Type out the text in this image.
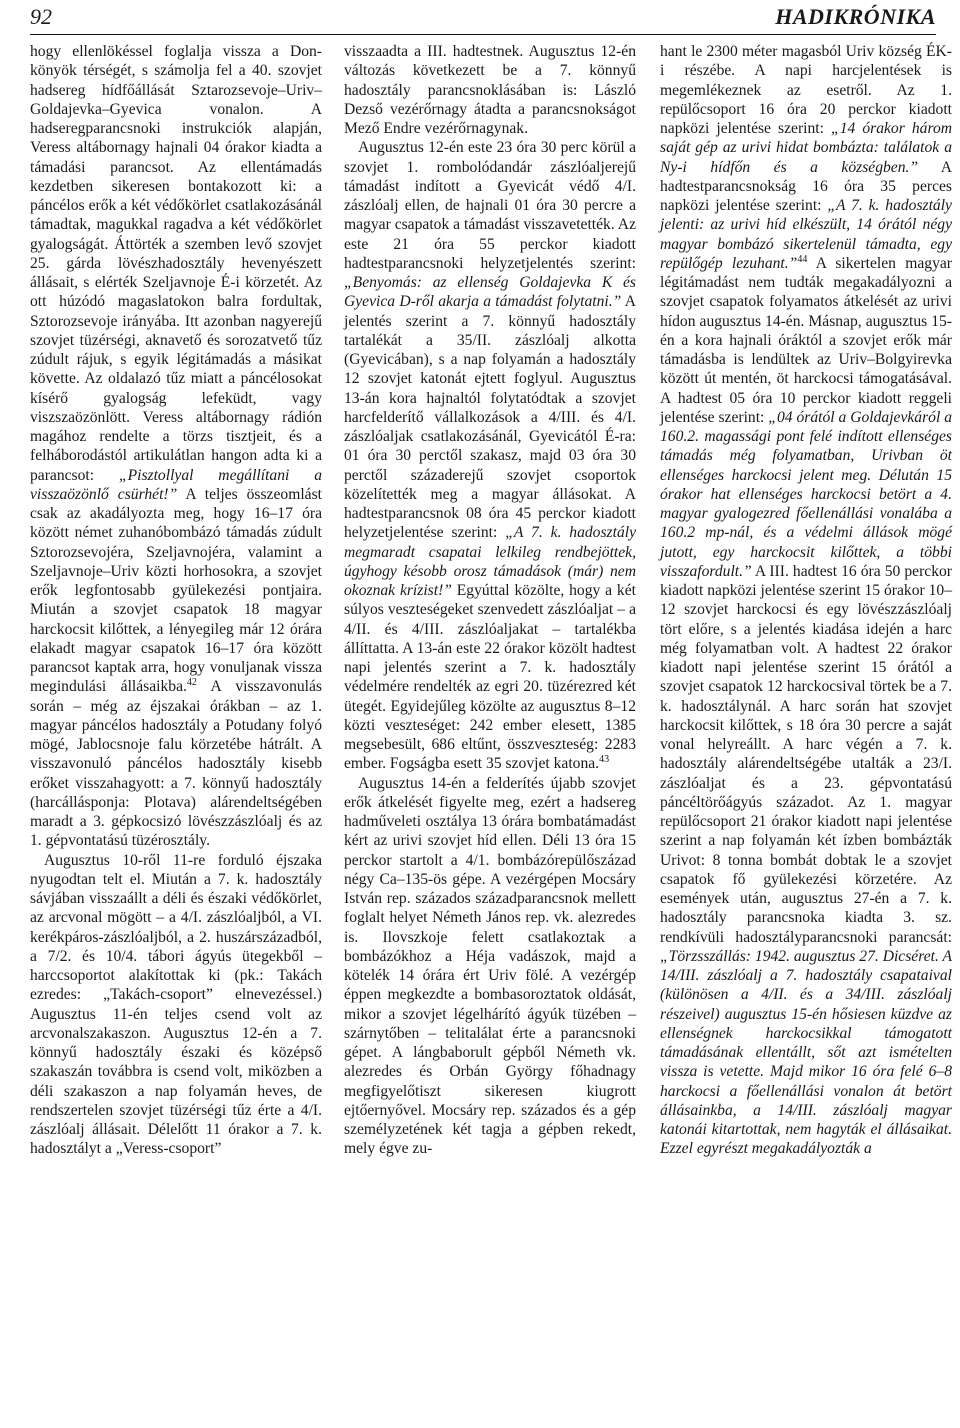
92	HADIKRÓNIKA

hogy ellenlökéssel foglalja vissza a Don-könyök térségét, s számolja fel a 40. szovjet hadsereg hídfőállását Sztarozsevoje–Uriv–Goldajevka–Gyevica vonalon. A hadseregparancsnoki instrukciók alapján, Veress altábornagy hajnali 04 órakor kiadta a támadási parancsot. Az ellentámadás kezdetben sikeresen bontakozott ki: a páncélos erők a két védőkörlet csatlakozásánál támadtak, magukkal ragadva a két védőkörlet gyalogságát. Áttörték a szemben levő szovjet 25. gárda lövészhadosztály hevenyészett állásait, s elérték Szeljavnoje É-i körzetét. Az ott húzódó magaslatokon balra fordultak, Sztorozsevoje irányába. Itt azonban nagyerejű szovjet tüzérségi, aknavető és sorozatvető tűz zúdult rájuk, s egyik légitámadás a másikat követte. Az oldalazó tűz miatt a páncélosokat kísérő gyalogság lefeküdt, vagy viszszaözönlött. Veress altábornagy rádión magához rendelte a törzs tisztjeit, és a felháborodástól artikulátlan hangon adta ki a parancsot: „Pisztollyal megállítani a visszaözönlő csürhét!” A teljes összeomlást csak az akadályozta meg, hogy 16–17 óra között német zuhanóbombázó támadás zúdult Sztorozsevojéra, Szeljavnojéra, valamint a Szeljavnoje–Uriv közti horhosokra, a szovjet erők legfontosabb gyülekezési pontjaira. Miután a szovjet csapatok 18 magyar harckocsit kilőttek, a lényegileg már 12 órára elakadt magyar csapatok 16–17 óra között parancsot kaptak arra, hogy vonuljanak vissza megindulási állásaikba.$^{42}$ A visszavonulás során – még az éjszakai órákban – az 1. magyar páncélos hadosztály a Potudany folyó mögé, Jablocsnoje falu körzetébe hátrált. A visszavonuló páncélos hadosztály kisebb erőket visszahagyott: a 7. könnyű hadosztály (harcállásponja: Plotava) alárendeltségében maradt a 3. gépkocsizó lövészzászlóalj és az 1. gépvontatású tüzérosztály.

Augusztus 10-ről 11-re forduló éjszaka nyugodtan telt el. Miután a 7. k. hadosztály sávjában visszaállt a déli és északi védőkörlet, az arcvonal mögött – a 4/I. zászlóaljból, a VI. kerékpáros-zászlóaljból, a 2. huszárszázadból, a 7/2. és 10/4. tábori ágyús ütegekből – harccsoportot alakítottak ki (pk.: Takách ezredes: „Takách-csoport” elnevezéssel.) Augusztus 11-én teljes csend volt az arcvonalszakaszon. Augusztus 12-én a 7. könnyű hadosztály északi és középső szakaszán továbbra is csend volt, miközben a déli szakaszon a nap folyamán heves, de rendszertelen szovjet tüzérségi tűz érte a 4/I. zászlóalj állásait. Délelőtt 11 órakor a 7. k. hadosztályt a „Veress-csoport”

visszaadta a III. hadtestnek. Augusztus 12-én változás következett be a 7. könnyű hadosztály parancsnoklásában is: László Dezső vezérőrnagy átadta a parancsnokságot Mező Endre vezérőrnagynak.

Augusztus 12-én este 23 óra 30 perc körül a szovjet 1. rombolódandár zászlóaljerejű támadást indított a Gyevicát védő 4/I. zászlóalj ellen, de hajnali 01 óra 30 percre a magyar csapatok a támadást visszavetették. Az este 21 óra 55 perckor kiadott hadtestparancsnoki helyzetjelentés szerint: „Benyomás: az ellenség Goldajevka K és Gyevica D-ről akarja a támadást folytatni.” A jelentés szerint a 7. könnyű hadosztály tartalékát a 35/II. zászlóalj alkotta (Gyevicában), s a nap folyamán a hadosztály 12 szovjet katonát ejtett foglyul. Augusztus 13-án kora hajnaltól folytatódtak a szovjet harcfelderítő vállalkozások a 4/III. és 4/I. zászlóaljak csatlakozásánál, Gyevicától É-ra: 01 óra 30 perctől szakasz, majd 03 óra 30 perctől századerejű szovjet csoportok közelítették meg a magyar állásokat. A hadtestparancsnok 08 óra 45 perckor kiadott helyzetjelentése szerint: „A 7. k. hadosztály megmaradt csapatai lelkileg rendbejöttek, úgyhogy késobb orosz támadások (már) nem okoznak krízist!” Egyúttal közölte, hogy a két súlyos veszteségeket szenvedett zászlóaljat – a 4/II. és 4/III. zászlóaljakat – tartalékba állíttatta. A 13-án este 22 órakor közölt hadtest napi jelentés szerint a 7. k. hadosztály védelmére rendelték az egri 20. tüzérezred két ütegét. Egyidejűleg közölte az augusztus 8–12 közti veszteséget: 242 ember elesett, 1385 megsebesült, 686 eltűnt, összveszteség: 2283 ember. Fogságba esett 35 szovjet katona.$^{43}$

Augusztus 14-én a felderítés újabb szovjet erők átkelését figyelte meg, ezért a hadsereg hadműveleti osztálya 13 órára bombatámadást kért az urivi szovjet híd ellen. Déli 13 óra 15 perckor startolt a 4/1. bombázórepülőszázad négy Ca–135-ös gépe. A vezérgépen Mocsáry István rep. százados századparancsnok mellett foglalt helyet Németh János rep. vk. alezredes is. Ilovszkoje felett csatlakoztak a bombázókhoz a Héja vadászok, majd a kötelék 14 órára ért Uriv fölé. A vezérgép éppen megkezdte a bombasoroztatok oldását, mikor a szovjet légelhárító ágyúk tüzében – szárnytőben – telitalálat érte a parancsnoki gépet. A lángbaborult gépből Németh vk. alezredes és Orbán György főhadnagy megfigyelőtiszt sikeresen kiugrott ejtőernyővel. Mocsáry rep. százados és a gép személyzetének két tagja a gépben rekedt, mely égve zu-

hant le 2300 méter magasból Uriv község ÉK-i részébe. A napi harcjelentések is megemlékeznek az esetről. Az 1. repülőcsoport 16 óra 20 perckor kiadott napközi jelentése szerint: „14 órakor három saját gép az urivi hidat bombázta: találatok a Ny-i hídfőn és a községben.” A hadtestparancsnokság 16 óra 35 perces napközi jelentése szerint: „A 7. k. hadosztály jelenti: az urivi híd elkészült, 14 órától négy magyar bombázó sikertelenül támadta, egy repülőgép lezuhant.”$^{44}$ A sikertelen magyar légitámadást nem tudták megakadályozni a szovjet csapatok folyamatos átkelését az urivi hídon augusztus 14-én. Másnap, augusztus 15-én a kora hajnali óráktól a szovjet erők már támadásba is lendültek az Uriv–Bolgyirevka között út mentén, öt harckocsi támogatásával. A hadtest 05 óra 10 perckor kiadott reggeli jelentése szerint: „04 órától a Goldajevkáról a 160.2. magassági pont felé indított ellenséges támadás még folyamatban, Urivban öt ellenséges harckocsi jelent meg. Délután 15 órakor hat ellenséges harckocsi betört a 4. magyar gyalogezred főellenállási vonalába a 160.2 mp-nál, és a védelmi állások mögé jutott, egy harckocsit kilőttek, a többi visszafordult.” A III. hadtest 16 óra 50 perckor kiadott napközi jelentése szerint 15 órakor 10–12 szovjet harckocsi és egy lövészzászlóalj tört előre, s a jelentés kiadása idején a harc még folyamatban volt. A hadtest 22 órakor kiadott napi jelentése szerint 15 órától a szovjet csapatok 12 harckocsival törtek be a 7. k. hadosztálynál. A harc során hat szovjet harckocsit kilőttek, s 18 óra 30 percre a saját vonal helyreállt. A harc végén a 7. k. hadosztály alárendeltségébe utalták a 23/I. zászlóaljat és a 23. gépvontatású páncéltörőágyús századot. Az 1. magyar repülőcsoport 21 órakor kiadott napi jelentése szerint a nap folyamán két ízben bombázták Urivot: 8 tonna bombát dobtak le a szovjet csapatok fő gyülekezési körzetére. Az események után, augusztus 27-én a 7. k. hadosztály parancsnoka kiadta 3. sz. rendkívüli hadosztályparancsnoki parancsát: „Törzsszállás: 1942. augusztus 27. Dicséret. A 14/III. zászlóalj a 7. hadosztály csapataival (különösen a 4/II. és a 34/III. zászlóalj részeivel) augusztus 15-én hősiesen küzdve az ellenségnek harckocsikkal támogatott támadásának ellentállt, sőt azt ismételten vissza is vetette. Majd mikor 16 óra felé 6–8 harckocsi a főellenállási vonalon át betört állásainkba, a 14/III. zászlóalj magyar katonái kitartottak, nem hagyták el állásaikat. Ezzel egyrészt megakadályozták a
